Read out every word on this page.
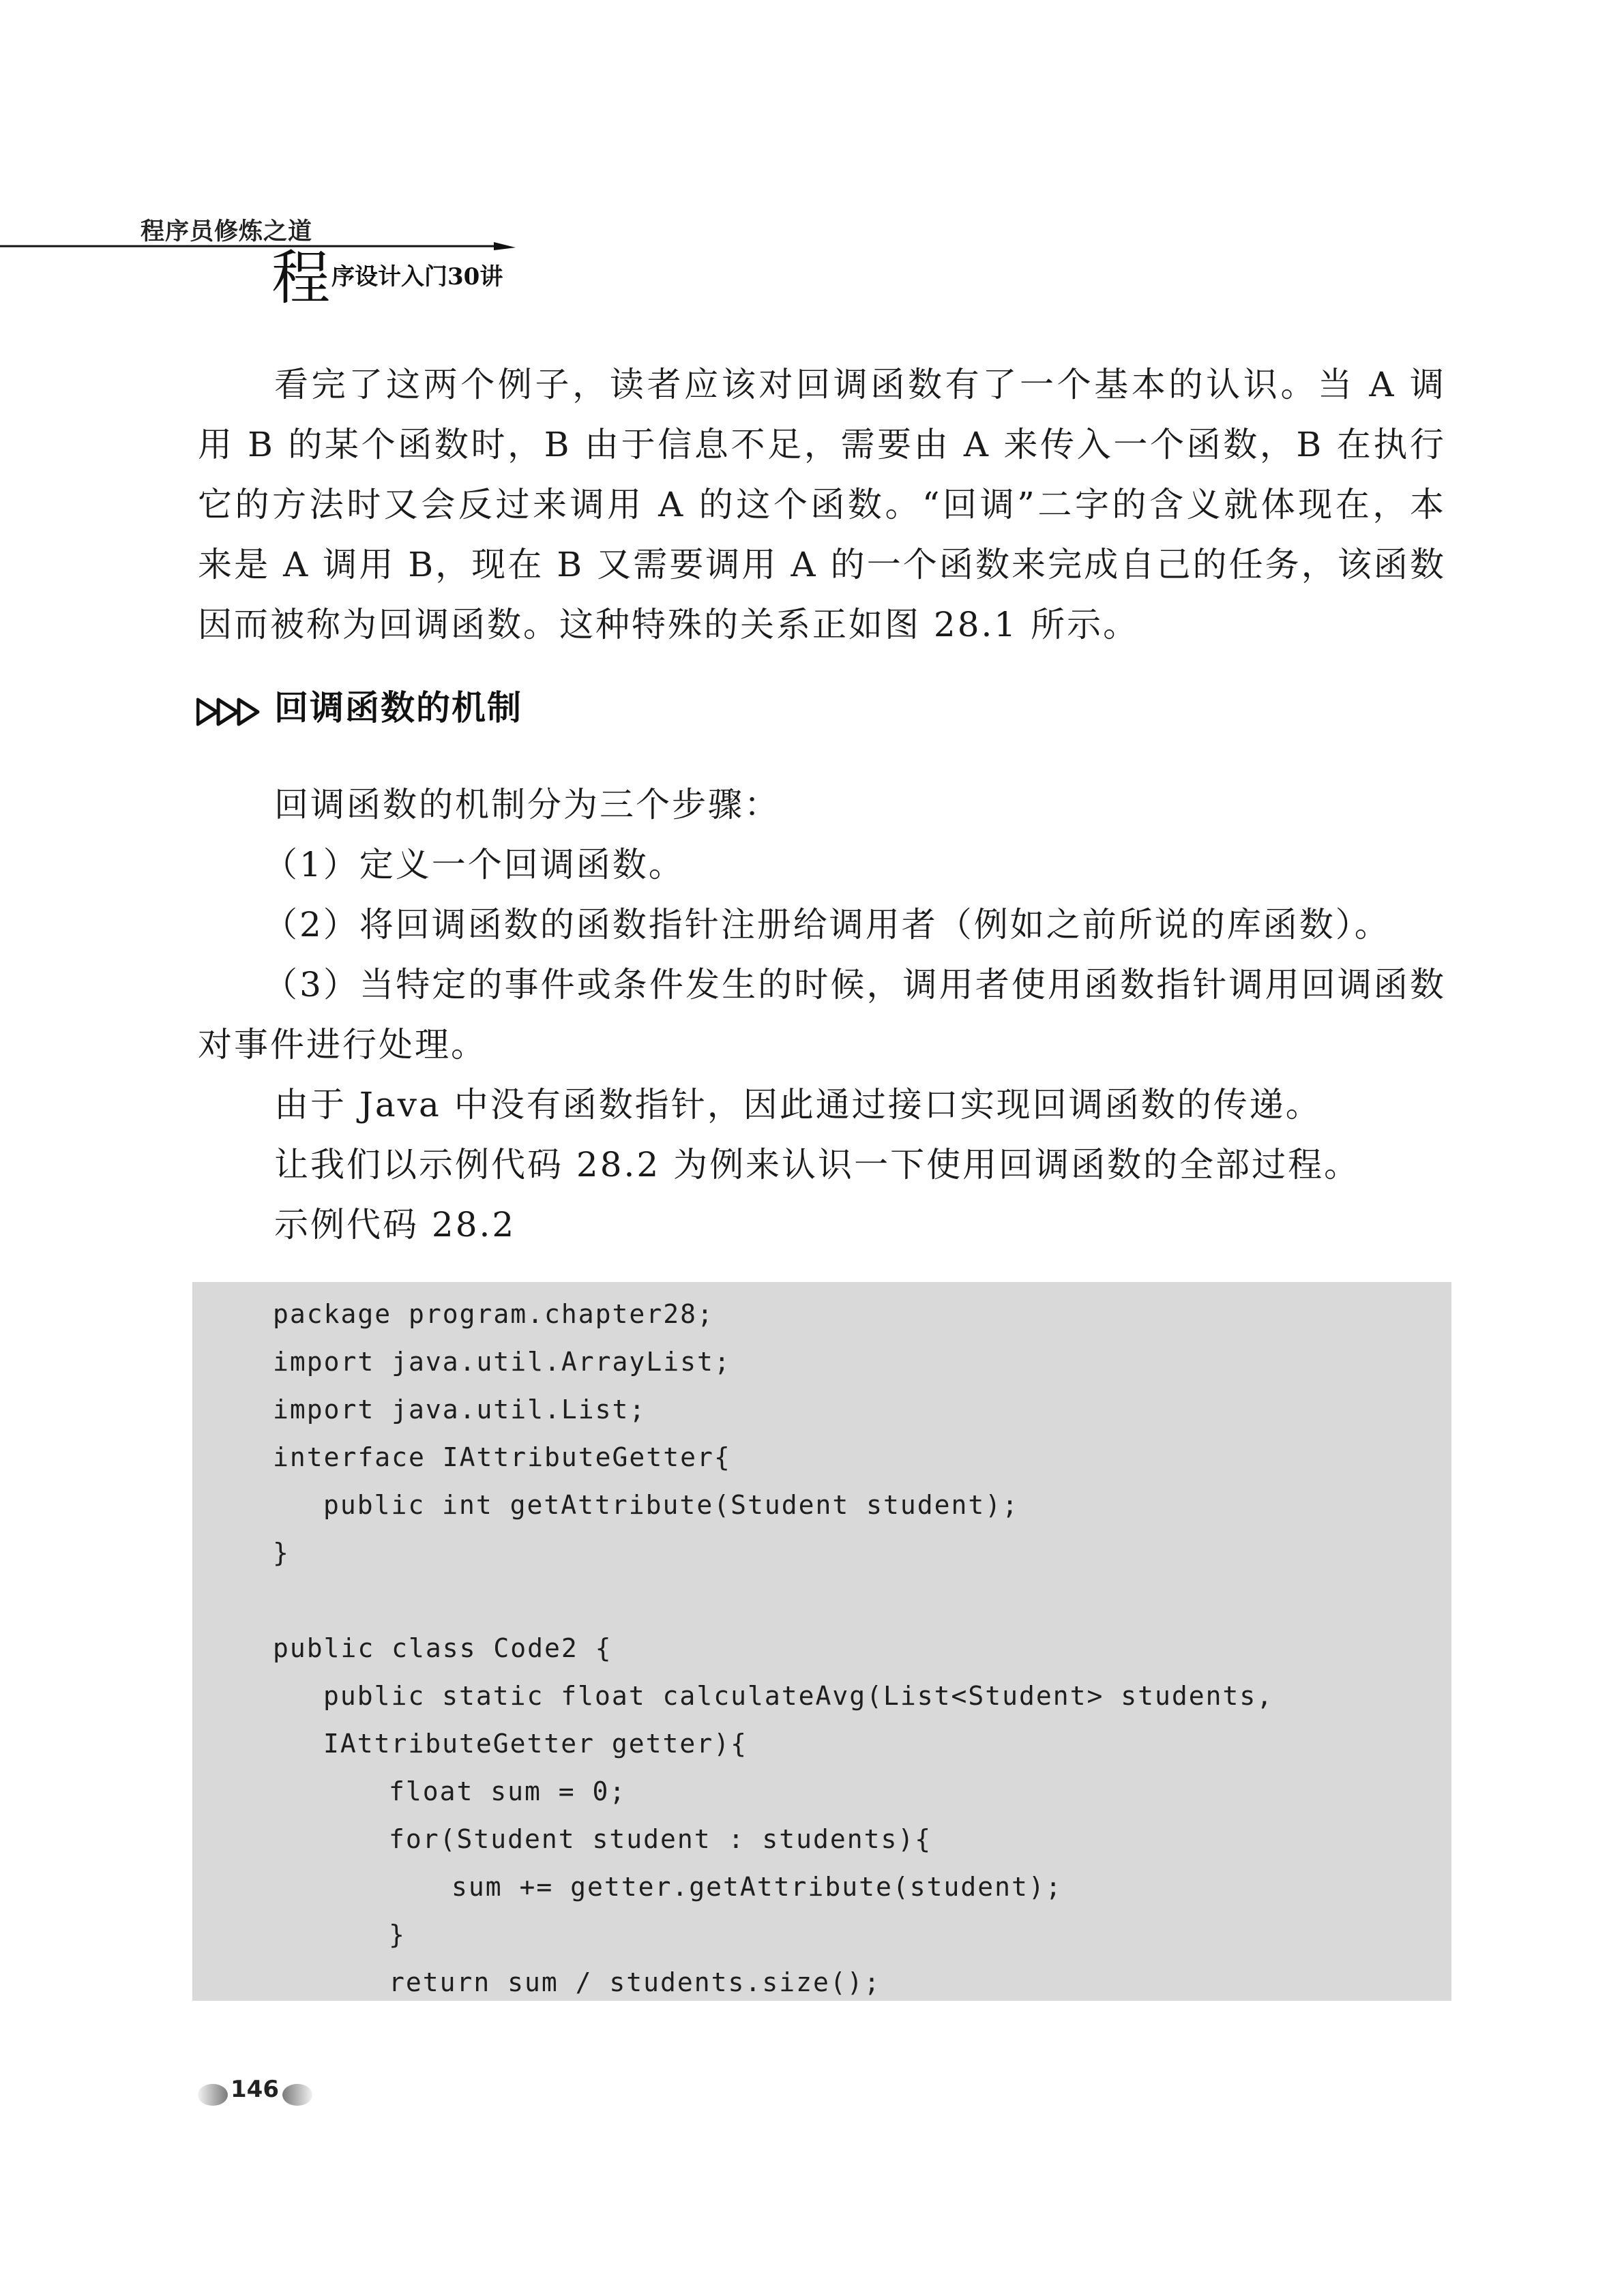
程序员修炼之道
程 序设计入门30讲
看完了这两个例子，读者应该对回调函数有了一个基本的认识。当 A 调用 B 的某个函数时，B 由于信息不足，需要由 A 来传入一个函数，B 在执行它的方法时又会反过来调用 A 的这个函数。“回调”二字的含义就体现在，本来是 A 调用 B，现在 B 又需要调用 A 的一个函数来完成自己的任务，该函数因而被称为回调函数。这种特殊的关系正如图 28.1 所示。
回调函数的机制
回调函数的机制分为三个步骤：
（1）定义一个回调函数。
（2）将回调函数的函数指针注册给调用者（例如之前所说的库函数）。
（3）当特定的事件或条件发生的时候，调用者使用函数指针调用回调函数对事件进行处理。
由于 Java 中没有函数指针，因此通过接口实现回调函数的传递。
让我们以示例代码 28.2 为例来认识一下使用回调函数的全部过程。
示例代码 28.2
package program.chapter28;
import java.util.ArrayList;
import java.util.List;
interface IAttributeGetter{
public int getAttribute(Student student);
}
public class Code2 {
public static float calculateAvg(List<Student> students,
IAttributeGetter getter){
float sum = 0;
for(Student student : students){
sum += getter.getAttribute(student);
}
return sum / students.size();
146
